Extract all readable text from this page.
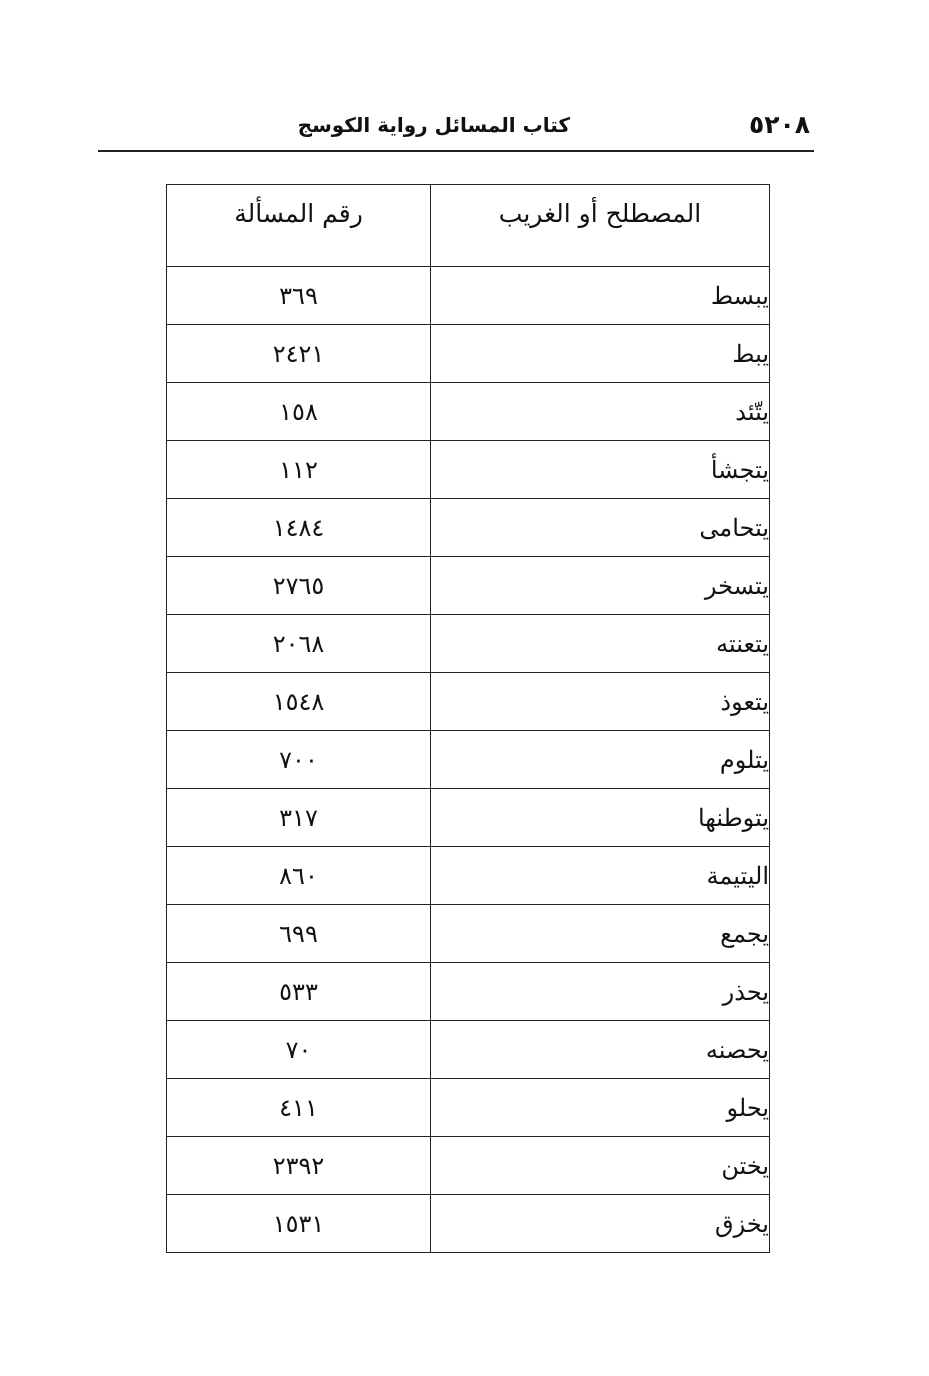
٥٢٠٨
كتاب المسائل رواية الكوسج
المصطلح أو الغريب	رقم المسألة
يبسط	٣٦٩
يبط	٢٤٢١
يتّئد	١٥٨
يتجشأ	١١٢
يتحامى	١٤٨٤
يتسخر	٢٧٦٥
يتعنته	٢٠٦٨
يتعوذ	١٥٤٨
يتلوم	٧٠٠
يتوطنها	٣١٧
اليتيمة	٨٦٠
يجمع	٦٩٩
يحذر	٥٣٣
يحصنه	٧٠
يحلو	٤١١
يختن	٢٣٩٢
يخزق	١٥٣١
